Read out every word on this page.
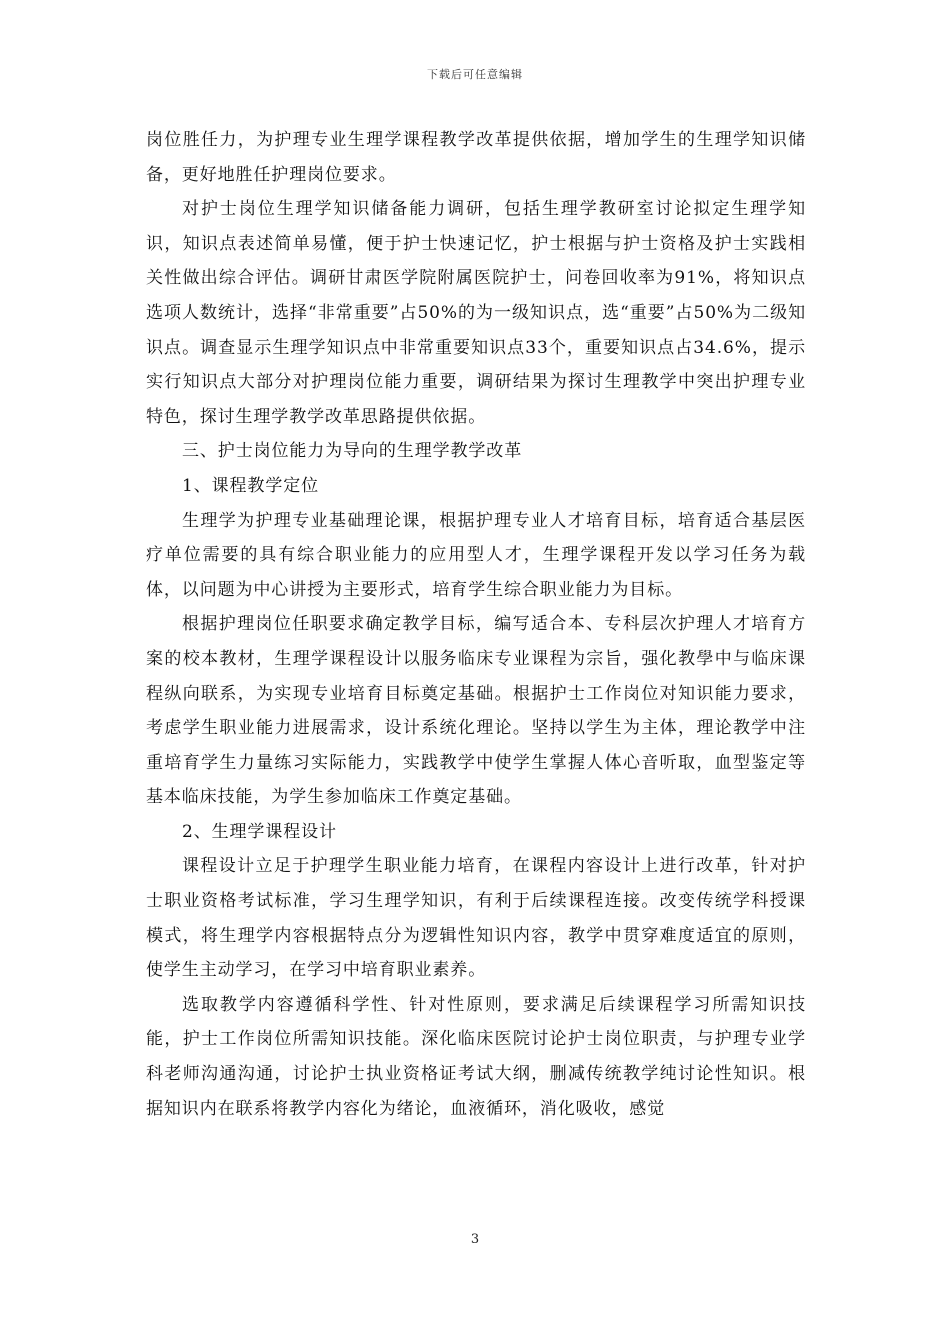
下载后可任意编辑

岗位胜任力，为护理专业生理学课程教学改革提供依据，增加学生的生理学知识储备，更好地胜任护理岗位要求。

对护士岗位生理学知识储备能力调研，包括生理学教研室讨论拟定生理学知识，知识点表述简单易懂，便于护士快速记忆，护士根据与护士资格及护士实践相关性做出综合评估。调研甘肃医学院附属医院护士，问卷回收率为91%，将知识点选项人数统计，选择“非常重要”占50%的为一级知识点，选“重要”占50%为二级知识点。调查显示生理学知识点中非常重要知识点33个，重要知识点占34.6%，提示实行知识点大部分对护理岗位能力重要，调研结果为探讨生理教学中突出护理专业特色，探讨生理学教学改革思路提供依据。

三、护士岗位能力为导向的生理学教学改革

1、课程教学定位

生理学为护理专业基础理论课，根据护理专业人才培育目标，培育适合基层医疗单位需要的具有综合职业能力的应用型人才，生理学课程开发以学习任务为载体，以问题为中心讲授为主要形式，培育学生综合职业能力为目标。

根据护理岗位任职要求确定教学目标，编写适合本、专科层次护理人才培育方案的校本教材，生理学课程设计以服务临床专业课程为宗旨，强化教學中与临床课程纵向联系，为实现专业培育目标奠定基础。根据护士工作岗位对知识能力要求，考虑学生职业能力进展需求，设计系统化理论。坚持以学生为主体，理论教学中注重培育学生力量练习实际能力，实践教学中使学生掌握人体心音听取，血型鉴定等基本临床技能，为学生参加临床工作奠定基础。

2、生理学课程设计

课程设计立足于护理学生职业能力培育，在课程内容设计上进行改革，针对护士职业资格考试标准，学习生理学知识，有利于后续课程连接。改变传统学科授课模式，将生理学内容根据特点分为逻辑性知识内容，教学中贯穿难度适宜的原则，使学生主动学习，在学习中培育职业素养。

选取教学内容遵循科学性、针对性原则，要求满足后续课程学习所需知识技能，护士工作岗位所需知识技能。深化临床医院讨论护士岗位职责，与护理专业学科老师沟通沟通，讨论护士执业资格证考试大纲，删减传统教学纯讨论性知识。根据知识内在联系将教学内容化为绪论，血液循环，消化吸收，感觉

3
